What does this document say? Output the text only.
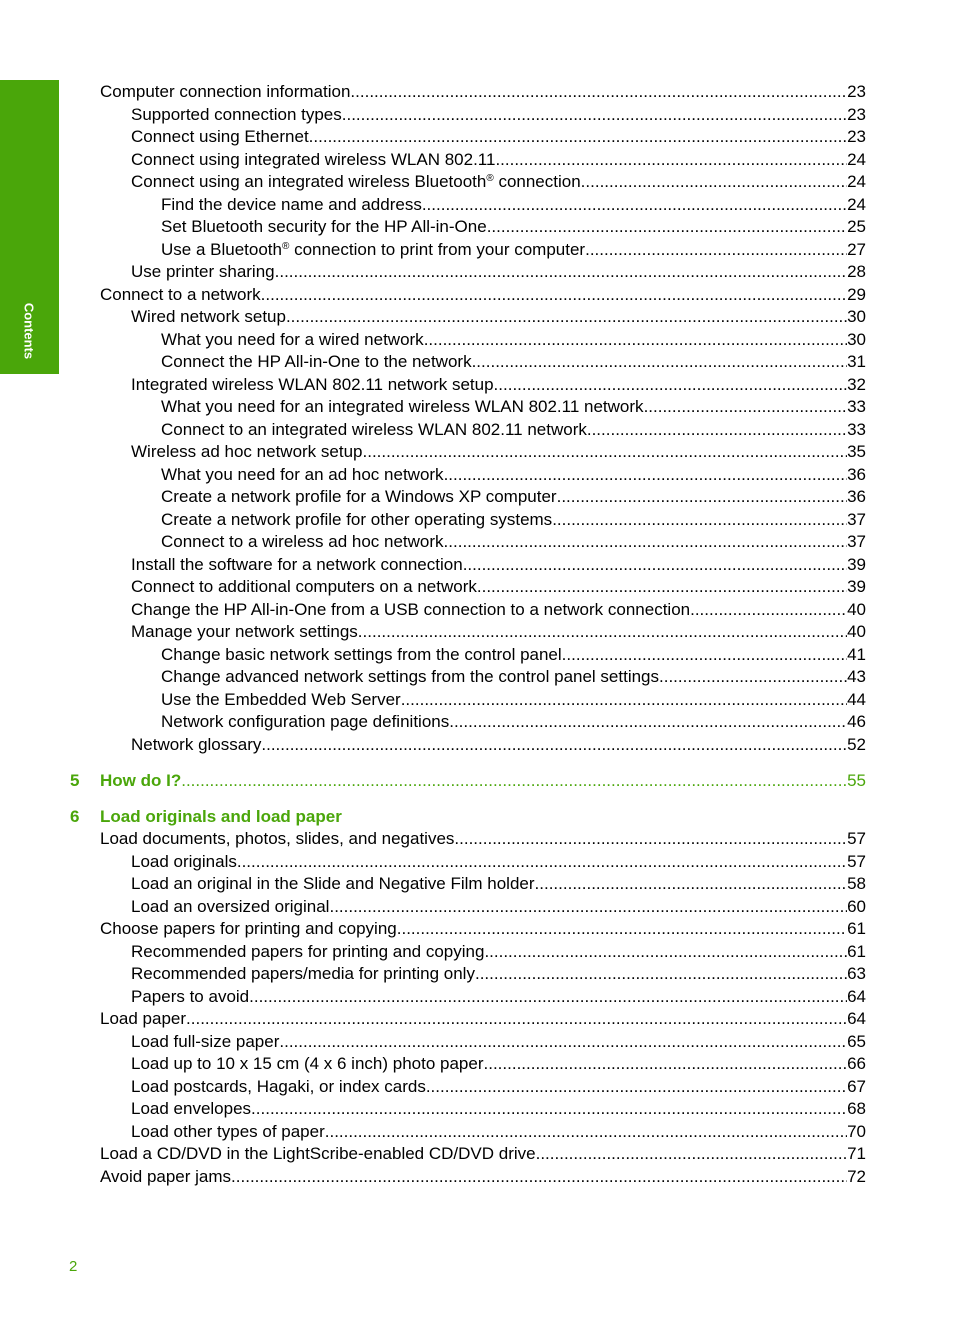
Contents
Computer connection information .....	23
Supported connection types .....	23
Connect using Ethernet .....	23
Connect using integrated wireless WLAN 802.11 .....	24
Connect using an integrated wireless Bluetooth® connection .....	24
Find the device name and address .....	24
Set Bluetooth security for the HP All-in-One .....	25
Use a Bluetooth® connection to print from your computer .....	27
Use printer sharing .....	28
Connect to a network .....	29
Wired network setup .....	30
What you need for a wired network .....	30
Connect the HP All-in-One to the network .....	31
Integrated wireless WLAN 802.11 network setup .....	32
What you need for an integrated wireless WLAN 802.11 network .....	33
Connect to an integrated wireless WLAN 802.11 network .....	33
Wireless ad hoc network setup .....	35
What you need for an ad hoc network .....	36
Create a network profile for a Windows XP computer .....	36
Create a network profile for other operating systems .....	37
Connect to a wireless ad hoc network .....	37
Install the software for a network connection .....	39
Connect to additional computers on a network .....	39
Change the HP All-in-One from a USB connection to a network connection .....	40
Manage your network settings .....	40
Change basic network settings from the control panel .....	41
Change advanced network settings from the control panel settings .....	43
Use the Embedded Web Server .....	44
Network configuration page definitions .....	46
Network glossary .....	52
5	How do I? .....	55
6	Load originals and load paper
Load documents, photos, slides, and negatives .....	57
Load originals .....	57
Load an original in the Slide and Negative Film holder .....	58
Load an oversized original .....	60
Choose papers for printing and copying .....	61
Recommended papers for printing and copying .....	61
Recommended papers/media for printing only .....	63
Papers to avoid .....	64
Load paper .....	64
Load full-size paper .....	65
Load up to 10 x 15 cm (4 x 6 inch) photo paper .....	66
Load postcards, Hagaki, or index cards .....	67
Load envelopes .....	68
Load other types of paper .....	70
Load a CD/DVD in the LightScribe-enabled CD/DVD drive .....	71
Avoid paper jams .....	72
2
